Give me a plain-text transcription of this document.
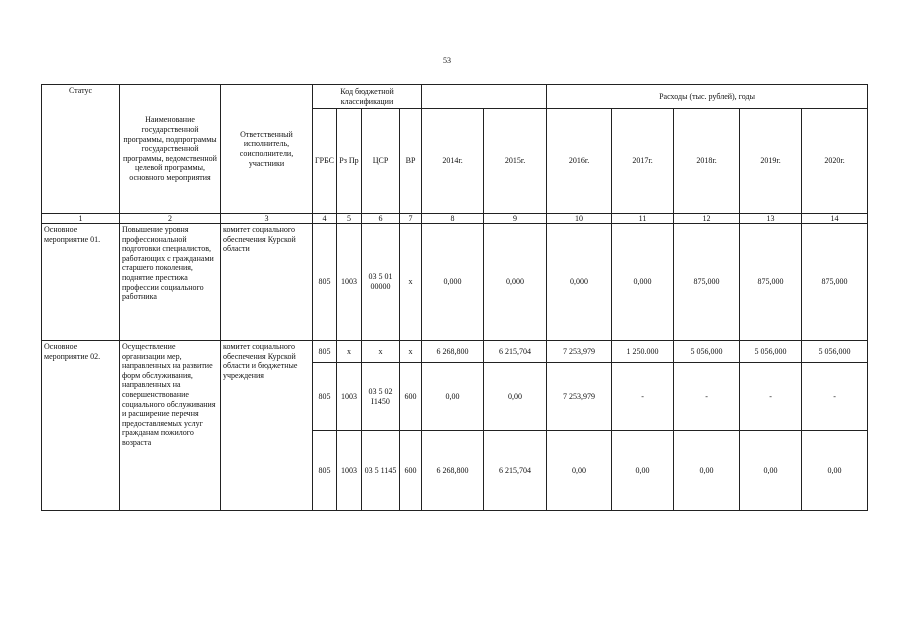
53
Статус	Наименование государственной программы, подпрограммы государственной программы, ведомственной целевой программы, основного мероприятия	Ответственный исполнитель, соисполнители, участники	Код бюджетной классификации						Расходы (тыс. рублей), годы				
			ГРБС	Рз Пр	ЦСР	ВР	2014г.	2015г.	2016г.	2017г.	2018г.	2019г.	2020г.
1	2	3	4	5	6	7	8	9	10	11	12	13	14
Основное мероприятие 01.	Повышение уровня профессиональной подготовки специалистов, работающих с гражданами старшего поколения, поднятие престижа профессии социального работника	комитет социального обеспечения Курской области	805	1003	03 5 01 00000	х	0,000	0,000	0,000	0,000	875,000	875,000	875,000
Основное мероприятие 02.	Осуществление организации мер, направленных на развитие форм обслуживания, направленных на совершенствование социального обслуживания и расширение перечня предоставляемых услуг гражданам пожилого возраста	комитет социального обеспечения Курской области и бюджетные учреждения	805	х	х	х	6 268,800	6 215,704	7 253,979	1 250.000	5 056,000	5 056,000	5 056,000
			805	1003	03 5 02 I1450	600	0,00	0,00	7 253,979	-	-	-	-
			805	1003	03 5 1145	600	6 268,800	6 215,704	0,00	0,00	0,00	0,00	0,00
